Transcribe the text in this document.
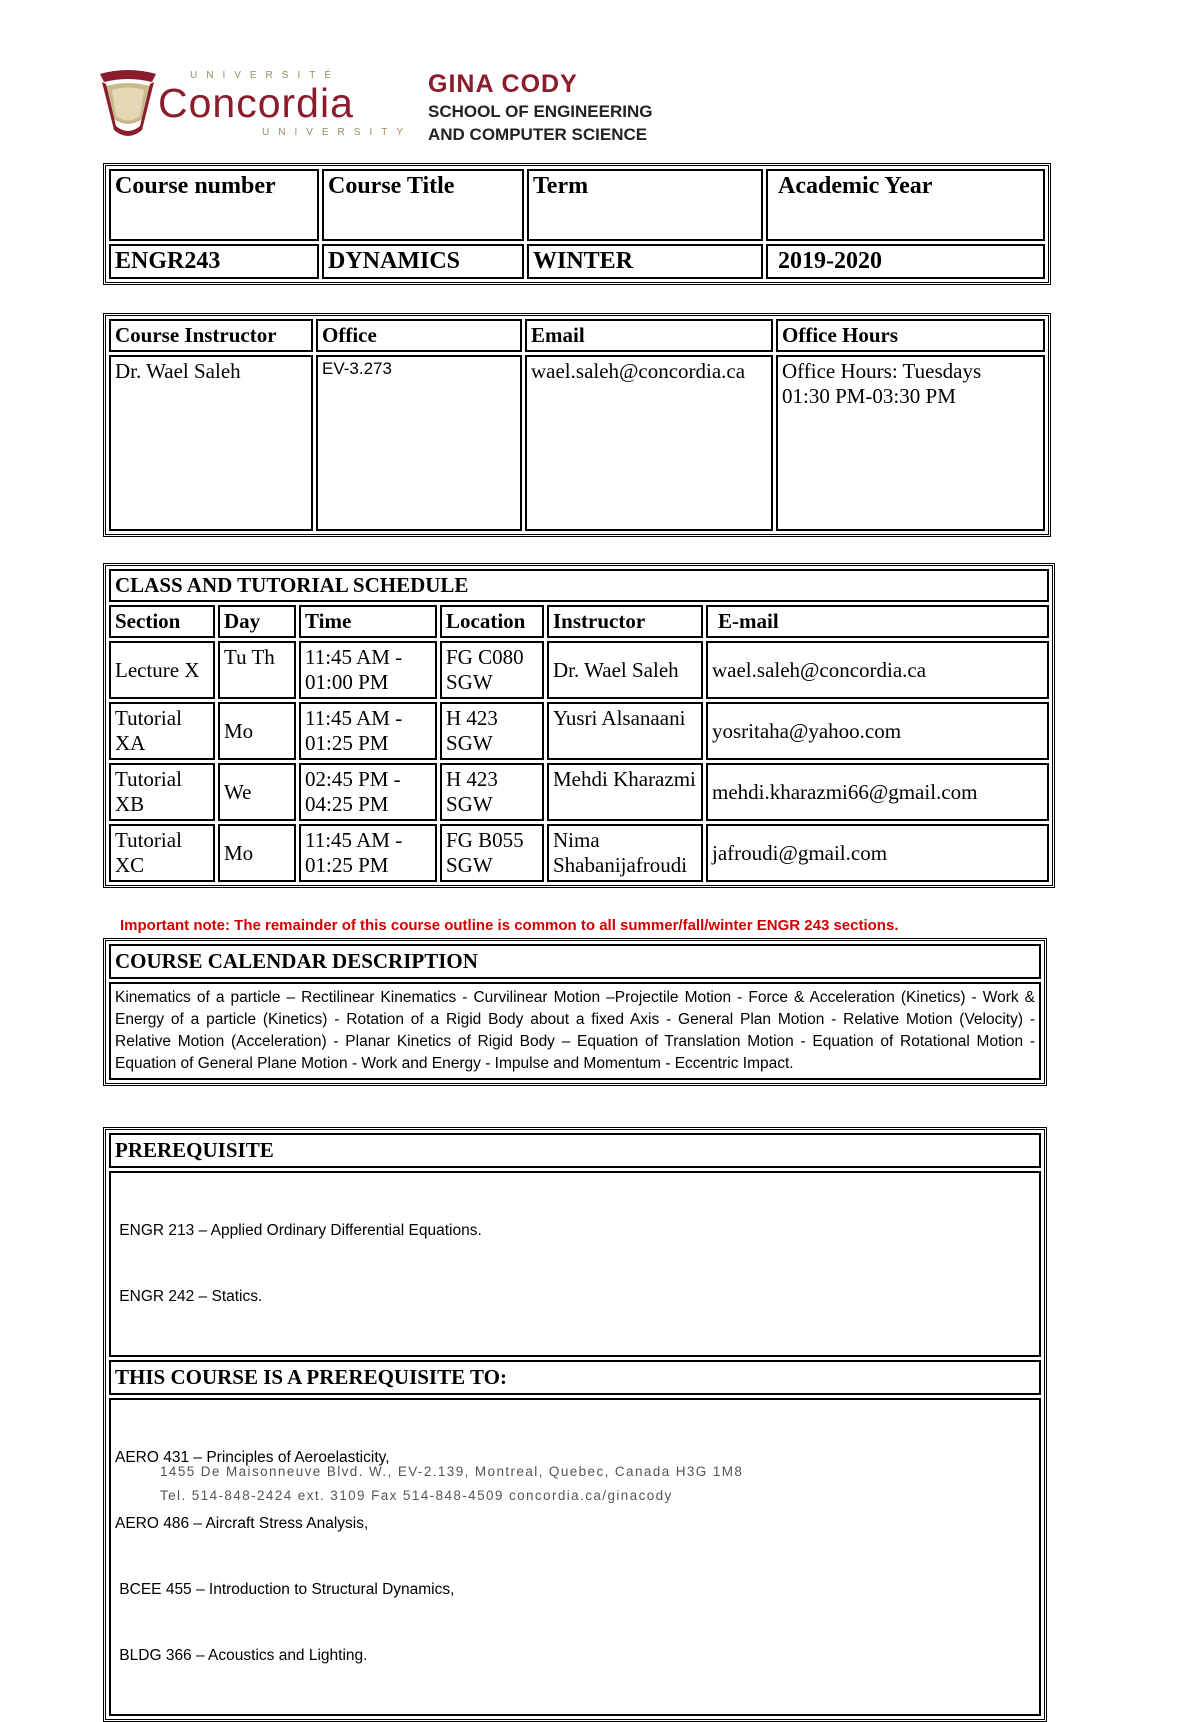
UNIVERSITÉ
Concordia
UNIVERSITY
GINA CODY
SCHOOL OF ENGINEERING
AND COMPUTER SCIENCE
Course number	Course Title	Term	Academic Year
ENGR243	DYNAMICS	WINTER	2019-2020
Course Instructor	Office	Email	Office Hours
Dr. Wael Saleh	EV-3.273	wael.saleh@concordia.ca	Office Hours: Tuesdays
01:30 PM-03:30 PM
CLASS AND TUTORIAL SCHEDULE					
Section	Day	Time	Location	Instructor	E-mail
Lecture X	Tu Th	11:45 AM - 01:00 PM	FG C080 SGW	Dr. Wael Saleh	wael.saleh@concordia.ca
Tutorial XA	Mo	11:45 AM - 01:25 PM	H 423 SGW	Yusri Alsanaani	yosritaha@yahoo.com
Tutorial XB	We	02:45 PM - 04:25 PM	H 423 SGW	Mehdi Kharazmi	mehdi.kharazmi66@gmail.com
Tutorial XC	Mo	11:45 AM - 01:25 PM	FG B055 SGW	Nima Shabanijafroudi	jafroudi@gmail.com
Important note: The remainder of this course outline is common to all summer/fall/winter ENGR 243 sections.
COURSE CALENDAR DESCRIPTION
Kinematics of a particle – Rectilinear Kinematics - Curvilinear Motion –Projectile Motion - Force & Acceleration (Kinetics) - Work & Energy of a particle (Kinetics) - Rotation of a Rigid Body about a fixed Axis - General Plan Motion - Relative Motion (Velocity) - Relative Motion (Acceleration) - Planar Kinetics of Rigid Body – Equation of Translation Motion - Equation of Rotational Motion - Equation of General Plane Motion - Work and Energy - Impulse and Momentum - Eccentric Impact.
PREREQUISITE

ENGR 213 – Applied Ordinary Differential Equations.

ENGR 242 – Statics.

THIS COURSE IS A PREREQUISITE TO:

AERO 431 – Principles of Aeroelasticity,

AERO 486 – Aircraft Stress Analysis,

BCEE 455 – Introduction to Structural Dynamics,

BLDG 366 – Acoustics and Lighting.

1455 De Maisonneuve Blvd. W., EV-2.139, Montreal, Quebec, Canada H3G 1M8
Tel. 514-848-2424 ext. 3109 Fax 514-848-4509 concordia.ca/ginacody
